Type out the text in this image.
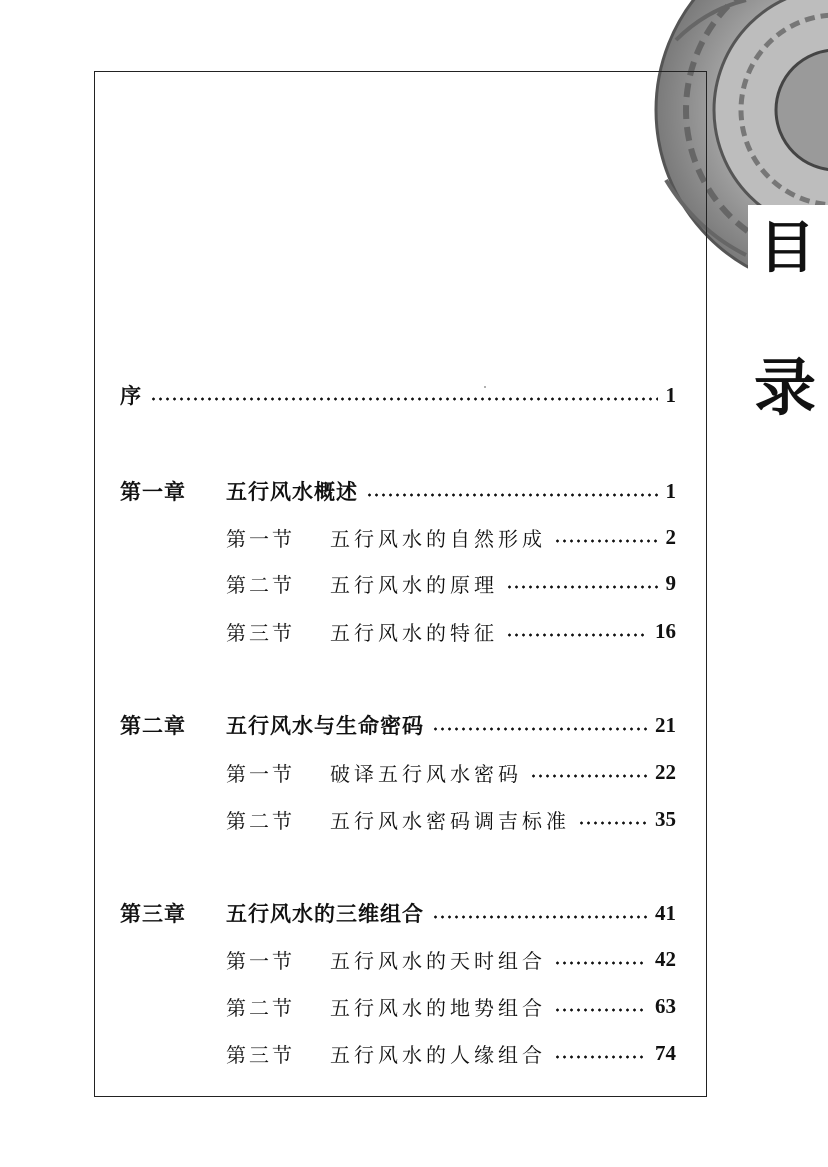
目
录
序	1
第一章	五行风水概述	1
第一节	五行风水的自然形成	2
第二节	五行风水的原理	9
第三节	五行风水的特征	16
第二章	五行风水与生命密码	21
第一节	破译五行风水密码	22
第二节	五行风水密码调吉标准	35
第三章	五行风水的三维组合	41
第一节	五行风水的天时组合	42
第二节	五行风水的地势组合	63
第三节	五行风水的人缘组合	74
